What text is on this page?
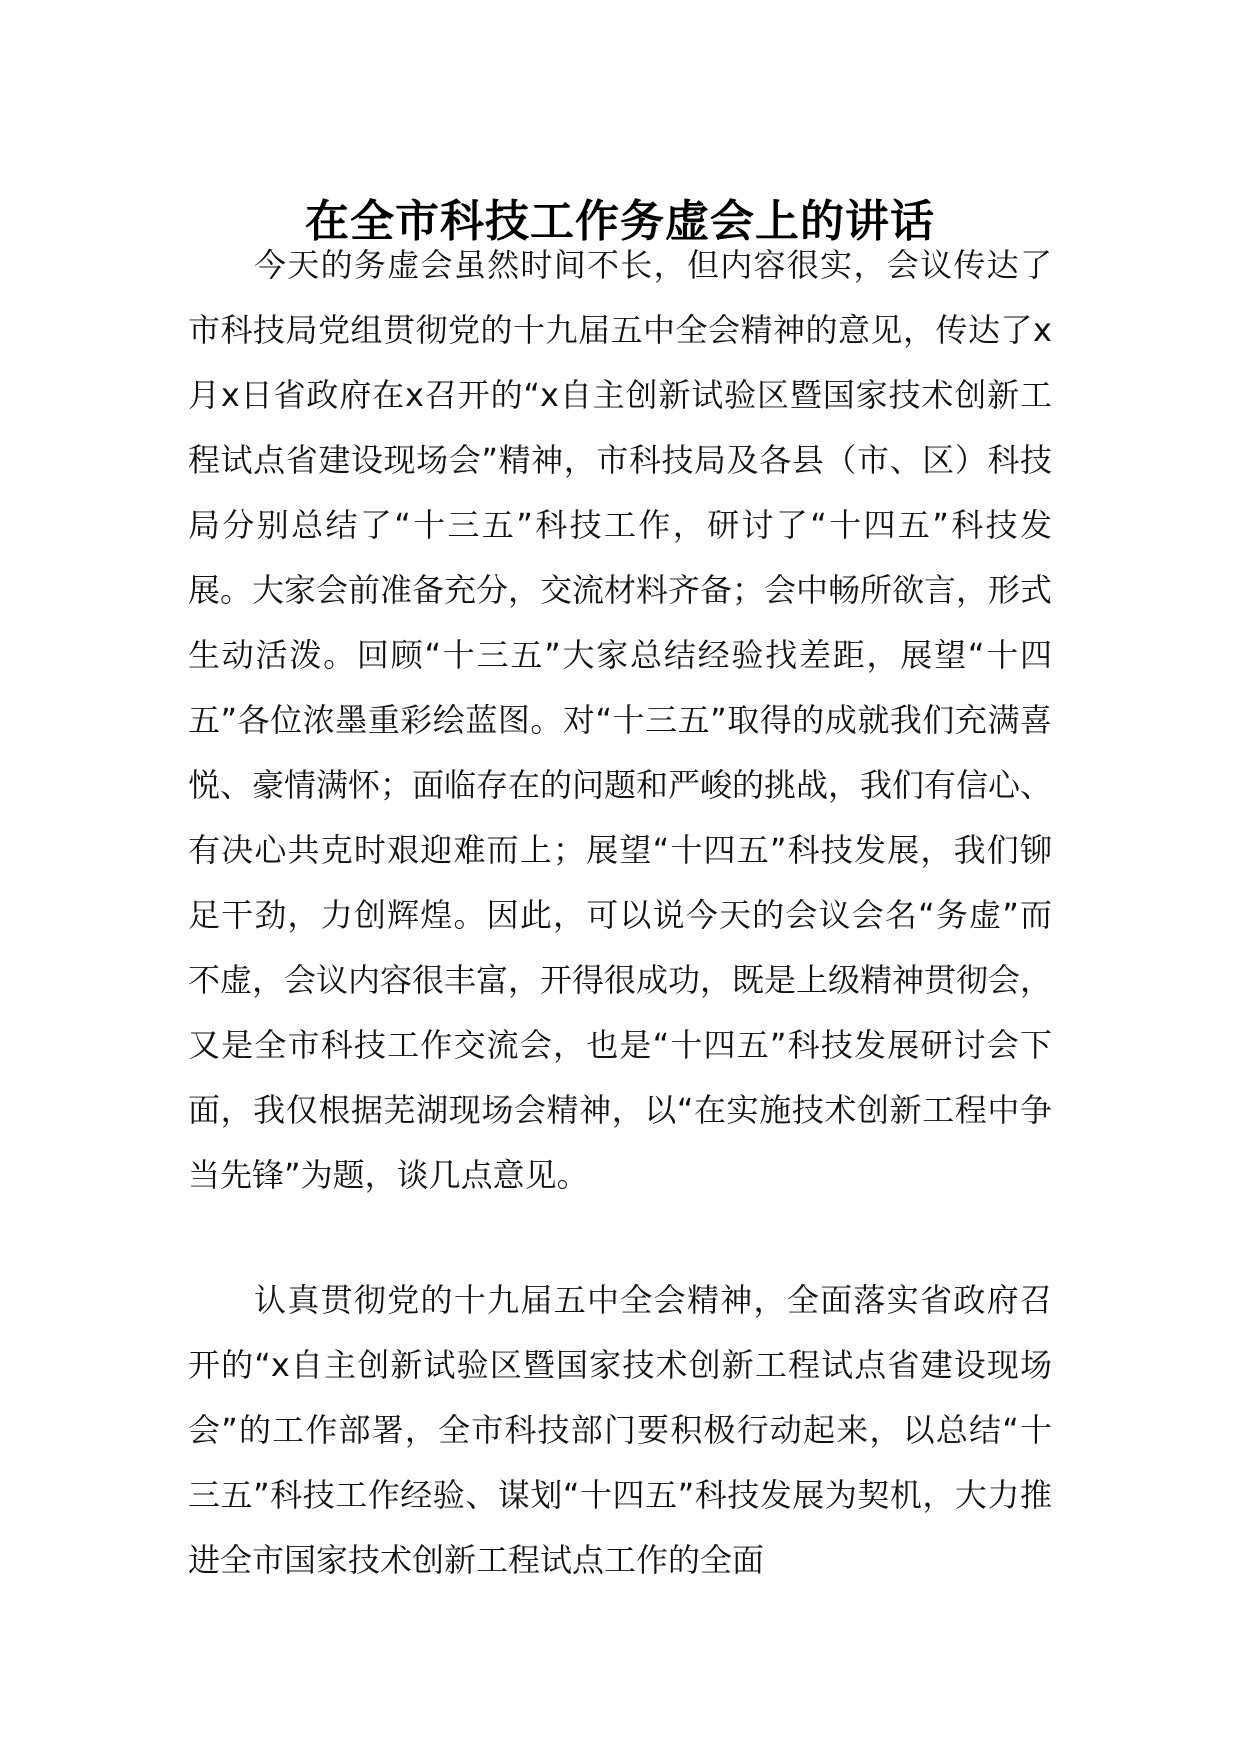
在全市科技工作务虚会上的讲话

今天的务虚会虽然时间不长，但内容很实，会议传达了市科技局党组贯彻党的十九届五中全会精神的意见，传达了x月x日省政府在x召开的“x自主创新试验区暨国家技术创新工程试点省建设现场会”精神，市科技局及各县（市、区）科技局分别总结了“十三五”科技工作，研讨了“十四五”科技发展。大家会前准备充分，交流材料齐备；会中畅所欲言，形式生动活泼。回顾“十三五”大家总结经验找差距，展望“十四五”各位浓墨重彩绘蓝图。对“十三五”取得的成就我们充满喜悦、豪情满怀；面临存在的问题和严峻的挑战，我们有信心、有决心共克时艰迎难而上；展望“十四五”科技发展，我们铆足干劲，力创辉煌。因此，可以说今天的会议会名“务虚”而不虚，会议内容很丰富，开得很成功，既是上级精神贯彻会，又是全市科技工作交流会，也是“十四五”科技发展研讨会下面，我仅根据芜湖现场会精神，以“在实施技术创新工程中争当先锋”为题，谈几点意见。

认真贯彻党的十九届五中全会精神，全面落实省政府召开的“x自主创新试验区暨国家技术创新工程试点省建设现场会”的工作部署，全市科技部门要积极行动起来，以总结“十三五”科技工作经验、谋划“十四五”科技发展为契机，大力推进全市国家技术创新工程试点工作的全面
